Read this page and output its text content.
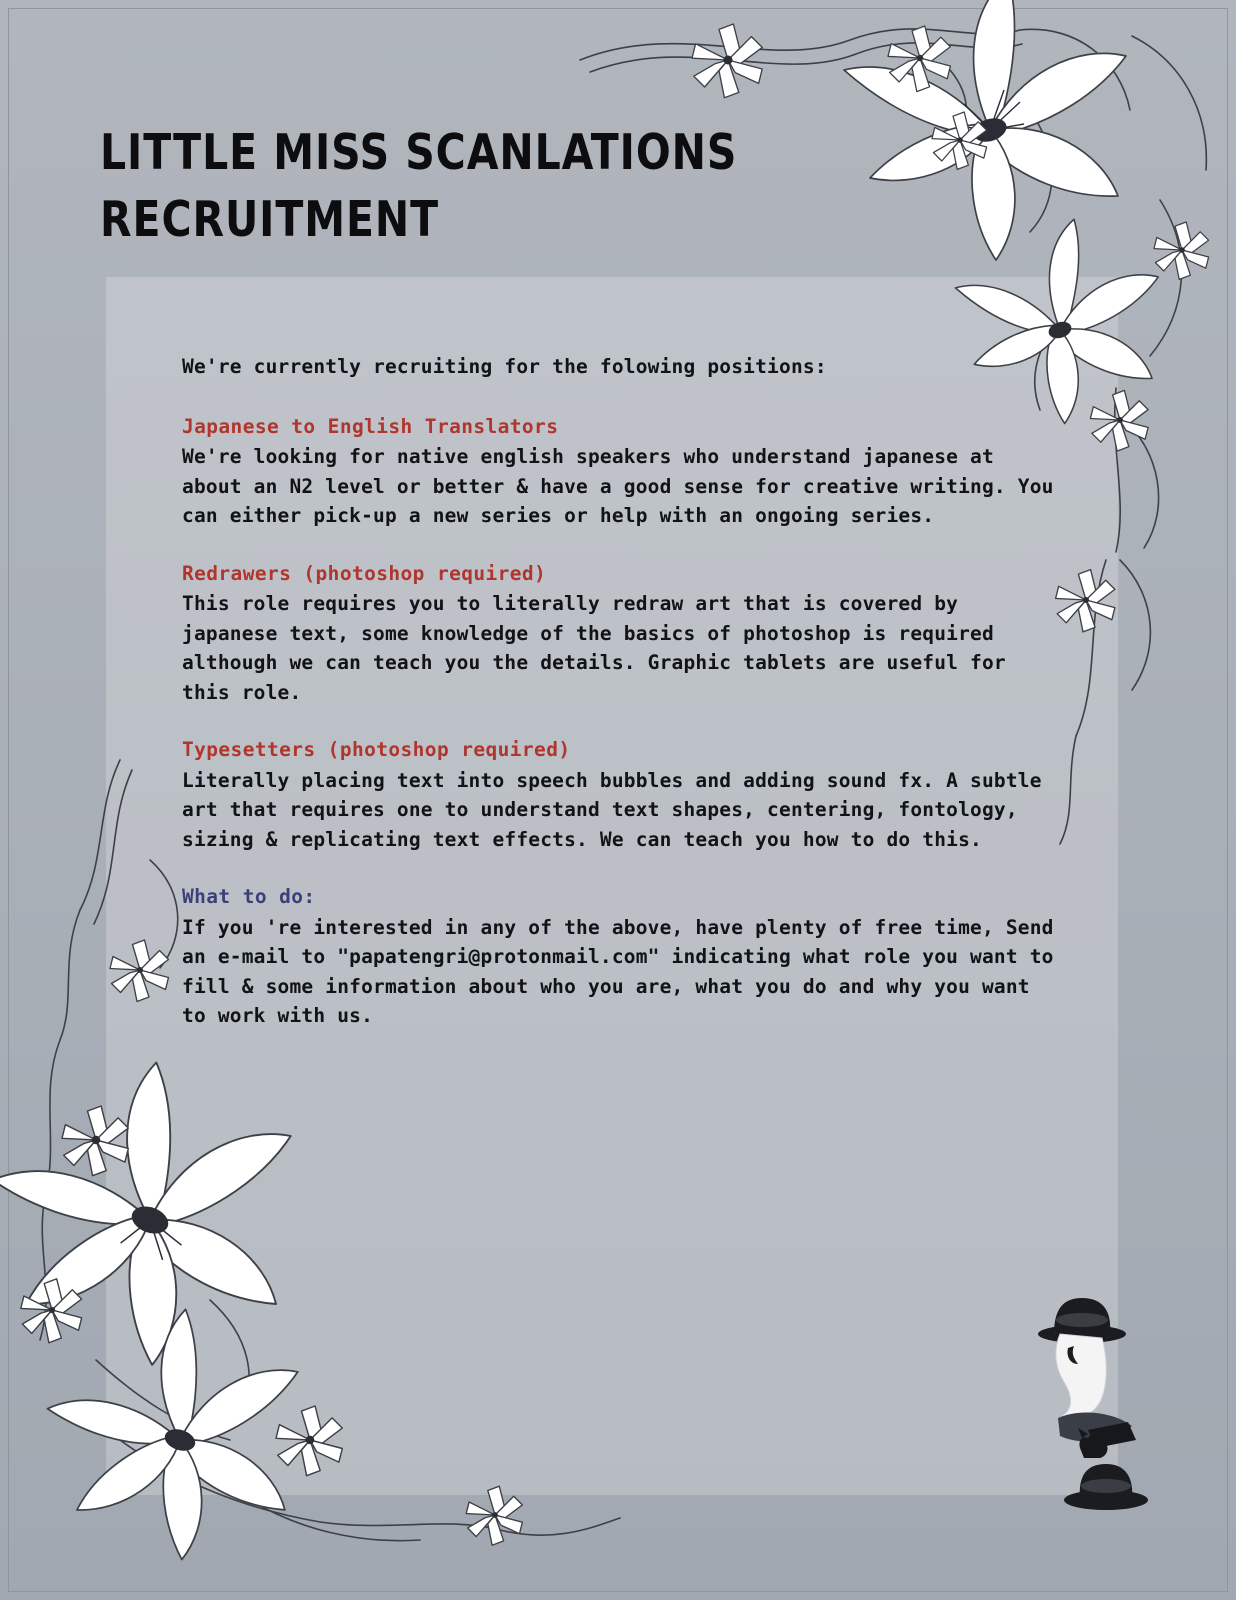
LITTLE MISS SCANLATIONS
RECRUITMENT

We're currently recruiting for the folowing positions:

Japanese to English Translators
We're looking for native english speakers who understand japanese at about an N2 level or better & have a good sense for creative writing. You can either pick-up a new series or help with an ongoing series.
Redrawers (photoshop required)
This role requires you to literally redraw art that is covered by japanese text, some knowledge of the basics of photoshop is required although we can teach you the details. Graphic tablets are useful for this role.
Typesetters (photoshop required)
Literally placing text into speech bubbles and adding sound fx. A subtle art that requires one to understand text shapes, centering, fontology, sizing & replicating text effects. We can teach you how to do this.
What to do:
If you 're interested in any of the above, have plenty of free time, Send an e-mail to "papatengri@protonmail.com" indicating what role you want to fill & some information about who you are, what you do and why you want to work with us.
